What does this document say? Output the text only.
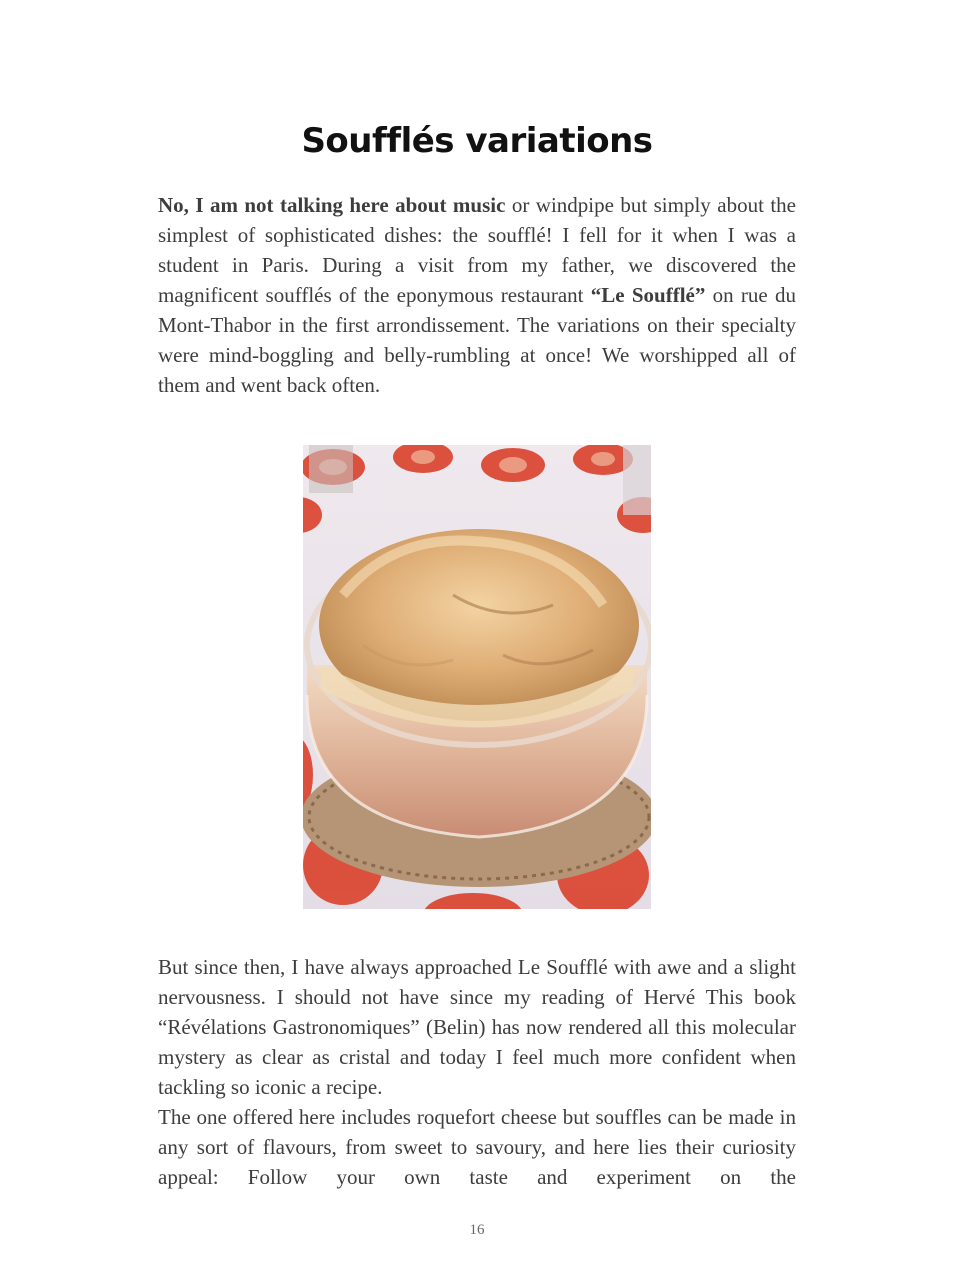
Soufflés variations

No, I am not talking here about music or windpipe but simply about the simplest of sophisticated dishes: the soufflé! I fell for it when I was a student in Paris. During a visit from my father, we discovered the magnificent soufflés of the eponymous restaurant “Le Soufflé” on rue du Mont-Thabor in the first arrondissement. The variations on their specialty were mind-boggling and belly-rumbling at once! We worshipped all of them and went back often.

But since then, I have always approached Le Soufflé with awe and a slight nervousness. I should not have since my reading of Hervé This book “Révélations Gastronomiques” (Belin) has now rendered all this molecular mystery as clear as cristal and today I feel much more confident when tackling so iconic a recipe.

The one offered here includes roquefort cheese but souffles can be made in any sort of flavours, from sweet to savoury, and here lies their curiosity appeal: Follow your own taste and experiment on the

16
